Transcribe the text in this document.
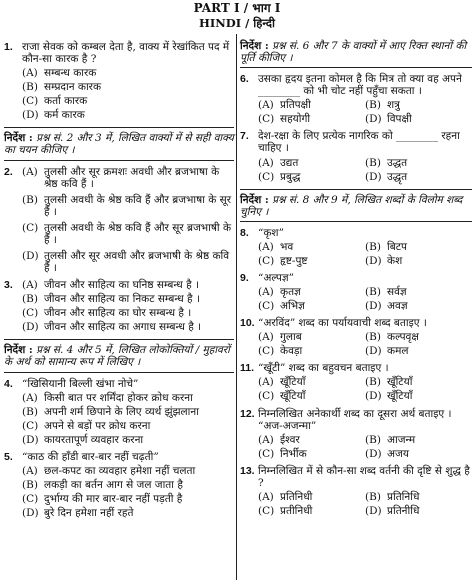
PART I / भाग I
HINDI / हिन्दी
1. राजा सेवक को कम्बल देता है, वाक्य में रेखांकित पद में कौन-सा कारक है ?
(A) सम्बन्ध कारक
(B) सम्प्रदान कारक
(C) कर्ता कारक
(D) कर्म कारक
निर्देश : प्रश्न सं. 2 और 3 में, लिखित वाक्यों में से सही वाक्य का चयन कीजिए ।
2. (A) तुलसी और सूर क्रमशः अवधी और ब्रजभाषा के श्रेष्ठ कवि हैं ।
(B) तुलसी अवधी के श्रेष्ठ कवि हैं और ब्रजभाषा के सूर हैं ।
(C) तुलसी अवधी के श्रेष्ठ कवि हैं और सूर ब्रजभाषी के हैं ।
(D) तुलसी और सूर अवधी और ब्रजभाषी के श्रेष्ठ कवि हैं ।
3. (A) जीवन और साहित्य का घनिष्ठ सम्बन्ध है ।
(B) जीवन और साहित्य का निकट सम्बन्ध है ।
(C) जीवन और साहित्य का घोर सम्बन्ध है ।
(D) जीवन और साहित्य का अगाध सम्बन्ध है ।
निर्देश : प्रश्न सं. 4 और 5 में, लिखित लोकोक्तियों / मुहावरों के अर्थ को सामान्य रूप में लिखिए ।
4. “खिसियानी बिल्ली खंभा नोचे”
(A) किसी बात पर शर्मिंदा होकर क्रोध करना
(B) अपनी शर्म छिपाने के लिए व्यर्थ झुंझलाना
(C) अपने से बड़ों पर क्रोध करना
(D) कायरतापूर्ण व्यवहार करना
5. “काठ की हाँडी बार-बार नहीं चढ़ती”
(A) छल-कपट का व्यवहार हमेशा नहीं चलता
(B) लकड़ी का बर्तन आग से जल जाता है
(C) दुर्भाग्य की मार बार-बार नहीं पड़ती है
(D) बुरे दिन हमेशा नहीं रहते
निर्देश : प्रश्न सं. 6 और 7 के वाक्यों में आए रिक्त स्थानों की पूर्ति कीजिए ।
6. उसका हृदय इतना कोमल है कि मित्र तो क्या वह अपने ________ को भी चोट नहीं पहुँचा सकता ।
(A) प्रतिपक्षी	(B) शत्रु
(C) सहयोगी	(D) विपक्षी
7. देश-रक्षा के लिए प्रत्येक नागरिक को ________ रहना चाहिए ।
(A) उद्यत	(B) उद्धत
(C) प्रबुद्ध	(D) उद्धृत
निर्देश : प्रश्न सं. 8 और 9 में, लिखित शब्दों के विलोम शब्द चुनिए ।
8. “कृश”
(A) भव	(B) बिटप
(C) हृष्ट-पुष्ट	(D) केश
9. “अल्पज्ञ”
(A) कृतज्ञ	(B) सर्वज्ञ
(C) अभिज्ञ	(D) अवज्ञ
10. “अरविंद” शब्द का पर्यायवाची शब्द बताइए ।
(A) गुलाब	(B) कल्पवृक्ष
(C) केवड़ा	(D) कमल
11. “खूँटी” शब्द का बहुवचन बताइए ।
(A) खूँटियाँ	(B) खूँटियाँ
(C) खूँटियाँ	(D) खूँटियाँ
12. निम्नलिखित अनेकार्थी शब्द का दूसरा अर्थ बताइए । “अज-अजन्मा”
(A) ईश्वर	(B) आजन्म
(C) निर्भीक	(D) अजय
13. निम्नलिखित में से कौन-सा शब्द वर्तनी की दृष्टि से शुद्ध है ?
(A) प्रतिनिधी	(B) प्रतिनिधि
(C) प्रतीनिधी	(D) प्रतिनीधि
